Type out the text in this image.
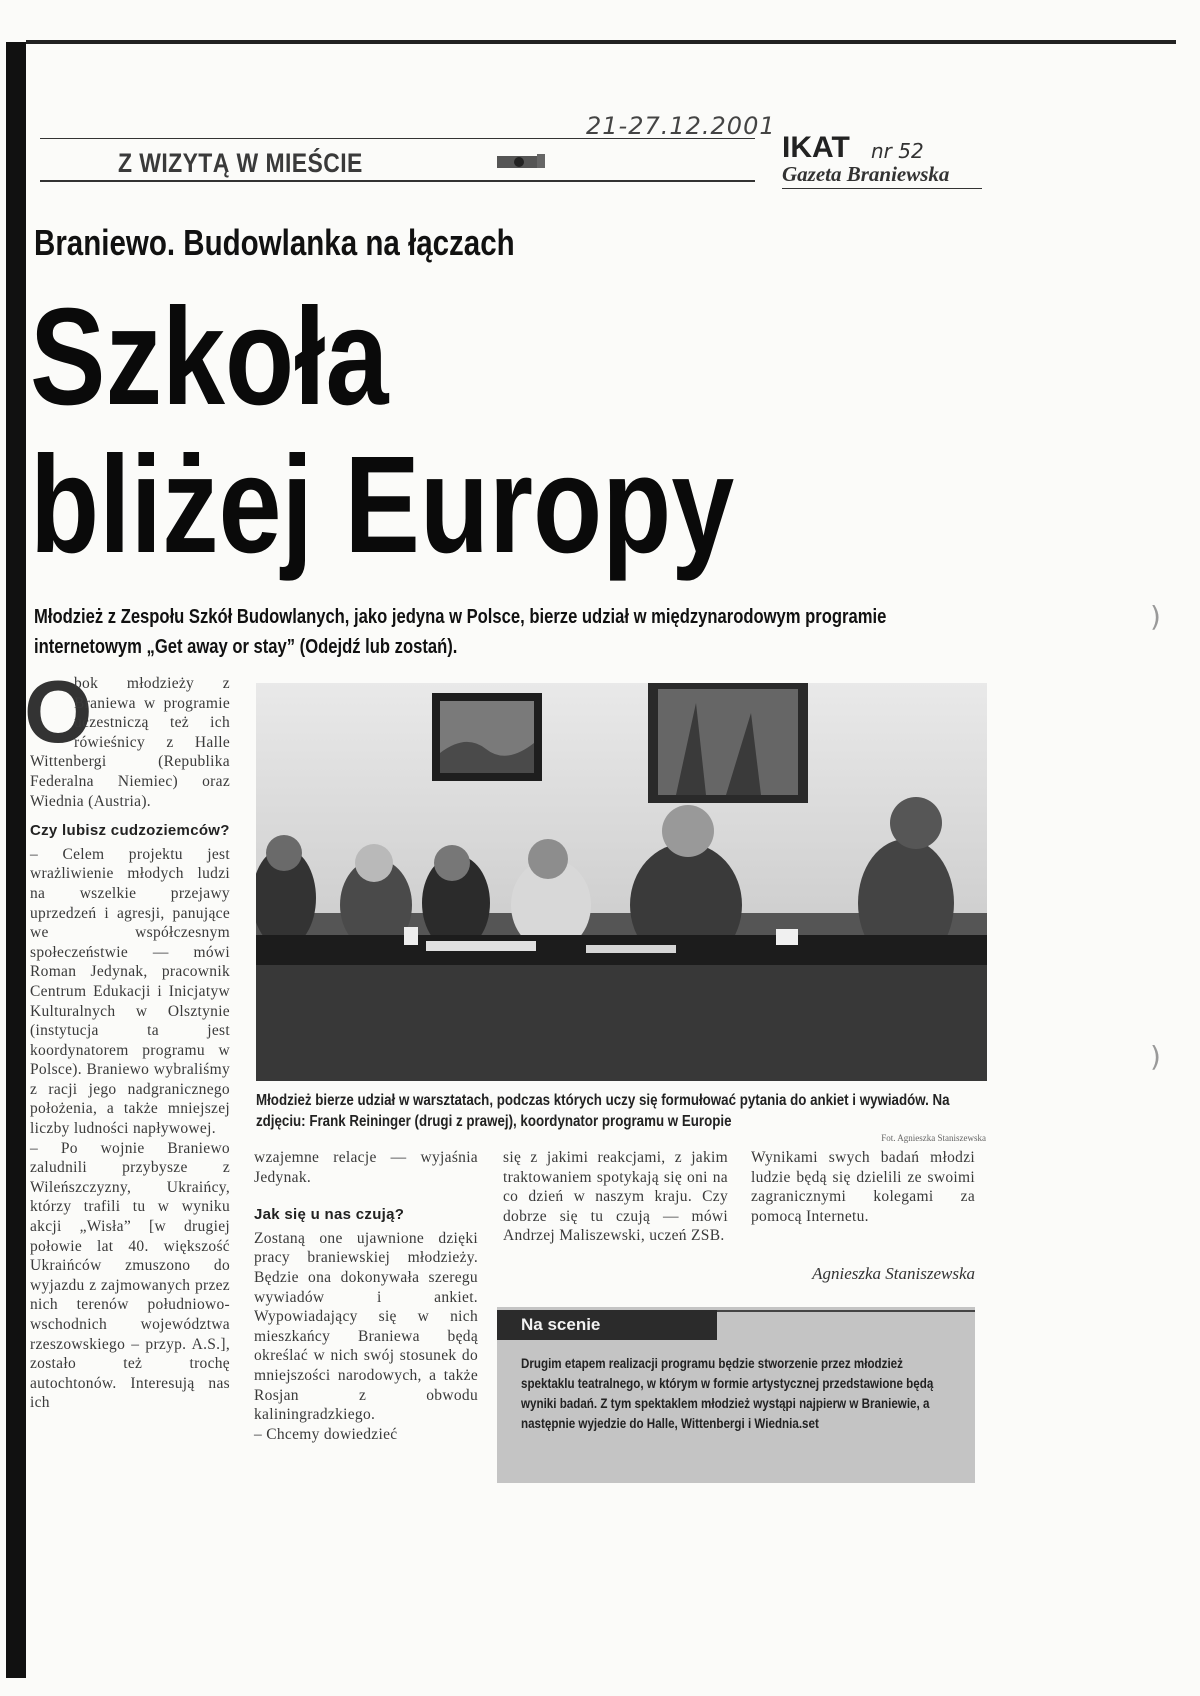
)
)
Z WIZYTĄ W MIEŚCIE
21-27.12.2001
IKAT nr 52
Gazeta Braniewska
Braniewo. Budowlanka na łączach
Szkoła
bliżej Europy
Młodzież z Zespołu Szkół Budowlanych, jako jedyna w Polsce, bierze udział w międzynarodowym programie internetowym „Get away or stay” (Odejdź lub zostań).
O

bok młodzieży z Braniewa w programie uczestniczą też ich rówieśnicy z Halle Wittenbergi (Republika Federalna Niemiec) oraz Wiednia (Austria).

Czy lubisz cudzoziemców?

– Celem projektu jest wrażliwienie młodych ludzi na wszelkie przejawy uprzedzeń i agresji, panujące we współczesnym społeczeństwie — mówi Roman Jedynak, pracownik Centrum Edukacji i Inicjatyw Kulturalnych w Olsztynie (instytucja ta jest koordynatorem programu w Polsce). Braniewo wybraliśmy z racji jego nadgranicznego położenia, a także mniejszej liczby ludności napływowej.

– Po wojnie Braniewo zaludnili przybysze z Wileńszczyzny, Ukraińcy, którzy trafili tu w wyniku akcji „Wisła” [w drugiej połowie lat 40. większość Ukraińców zmuszono do wyjazdu z zajmowanych przez nich terenów południowo-wschodnich województwa rzeszowskiego – przyp. A.S.], zostało też trochę autochtonów. Interesują nas ich

Młodzież bierze udział w warsztatach, podczas których uczy się formułować pytania do ankiet i wywiadów. Na zdjęciu: Frank Reininger (drugi z prawej), koordynator programu w Europie
Fot. Agnieszka Staniszewska

wzajemne relacje — wyjaśnia Jedynak.

Jak się u nas czują?

Zostaną one ujawnione dzięki pracy braniewskiej młodzieży. Będzie ona dokonywała szeregu wywiadów i ankiet. Wypowiadający się w nich mieszkańcy Braniewa będą określać w nich swój stosunek do mniejszości narodowych, a także Rosjan z obwodu kaliningradzkiego.

– Chcemy dowiedzieć

się z jakimi reakcjami, z jakim traktowaniem spotykają się oni na co dzień w naszym kraju. Czy dobrze się tu czują — mówi Andrzej Maliszewski, uczeń ZSB.

Wynikami swych badań młodzi ludzie będą się dzielili ze swoimi zagranicznymi kolegami za pomocą Internetu.

Agnieszka Staniszewska
Na scenie
Drugim etapem realizacji programu będzie stworzenie przez młodzież spektaklu teatralnego, w którym w formie artystycznej przedstawione będą wyniki badań. Z tym spektaklem młodzież wystąpi najpierw w Braniewie, a następnie wyjedzie do Halle, Wittenbergi i Wiednia.set
